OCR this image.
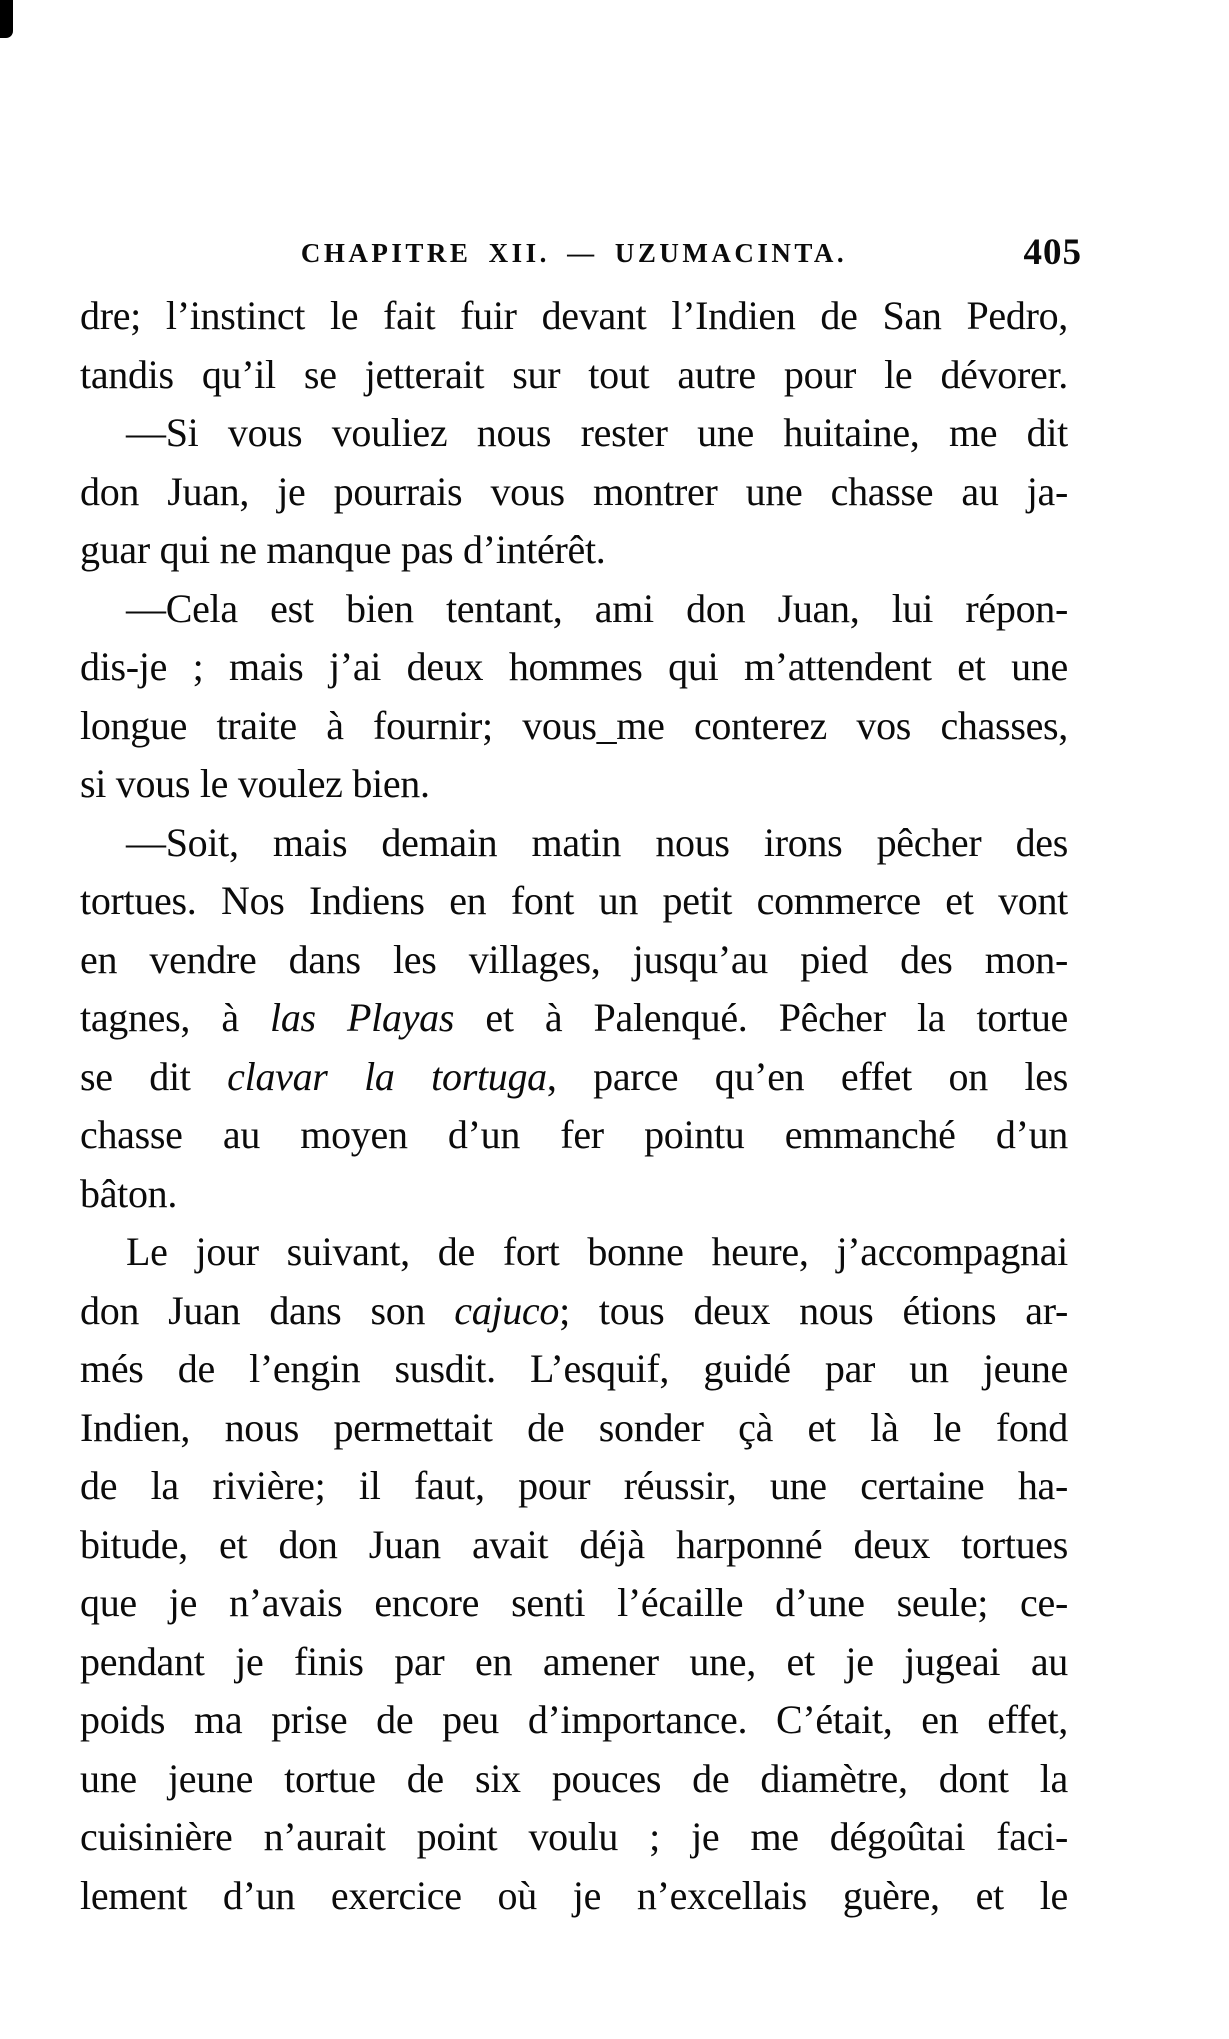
CHAPITRE XII. — UZUMACINTA.	405
dre; l’instinct le fait fuir devant l’Indien de San Pedro,
tandis qu’il se jetterait sur tout autre pour le dévorer.
—Si vous vouliez nous rester une huitaine, me dit
don Juan, je pourrais vous montrer une chasse au ja-
guar qui ne manque pas d’intérêt.
—Cela est bien tentant, ami don Juan, lui répon-
dis-je ; mais j’ai deux hommes qui m’attendent et une
longue traite à fournir; vous_me conterez vos chasses,
si vous le voulez bien.
—Soit, mais demain matin nous irons pêcher des
tortues. Nos Indiens en font un petit commerce et vont
en vendre dans les villages, jusqu’au pied des mon-
tagnes, à las Playas et à Palenqué. Pêcher la tortue
se dit clavar la tortuga, parce qu’en effet on les
chasse au moyen d’un fer pointu emmanché d’un
bâton.
Le jour suivant, de fort bonne heure, j’accompagnai
don Juan dans son cajuco; tous deux nous étions ar-
més de l’engin susdit. L’esquif, guidé par un jeune
Indien, nous permettait de sonder çà et là le fond
de la rivière; il faut, pour réussir, une certaine ha-
bitude, et don Juan avait déjà harponné deux tortues
que je n’avais encore senti l’écaille d’une seule; ce-
pendant je finis par en amener une, et je jugeai au
poids ma prise de peu d’importance. C’était, en effet,
une jeune tortue de six pouces de diamètre, dont la
cuisinière n’aurait point voulu ; je me dégoûtai faci-
lement d’un exercice où je n’excellais guère, et le
